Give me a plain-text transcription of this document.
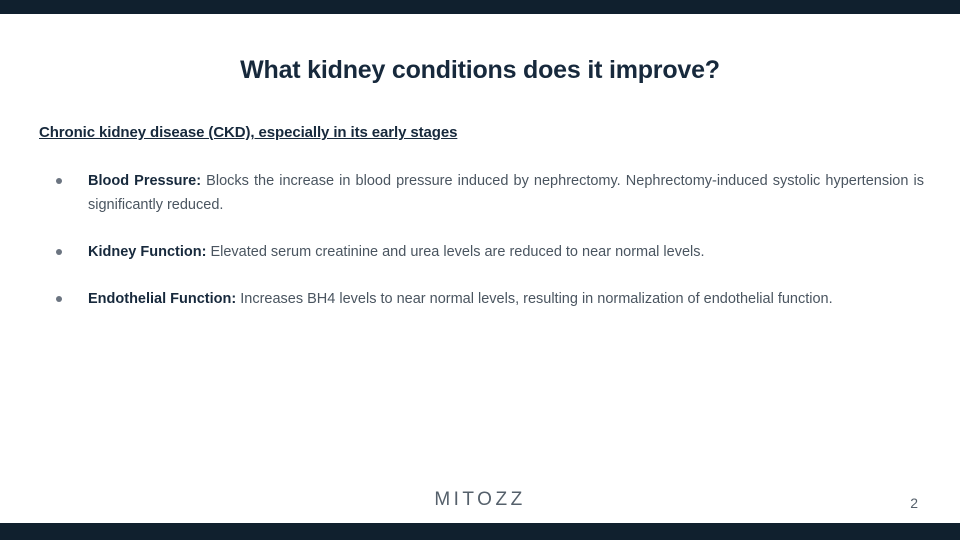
What kidney conditions does it improve?
Chronic kidney disease (CKD), especially in its early stages
Blood Pressure: Blocks the increase in blood pressure induced by nephrectomy. Nephrectomy-induced systolic hypertension is significantly reduced.
Kidney Function: Elevated serum creatinine and urea levels are reduced to near normal levels.
Endothelial Function: Increases BH4 levels to near normal levels, resulting in normalization of endothelial function.
MITOZZ	2
